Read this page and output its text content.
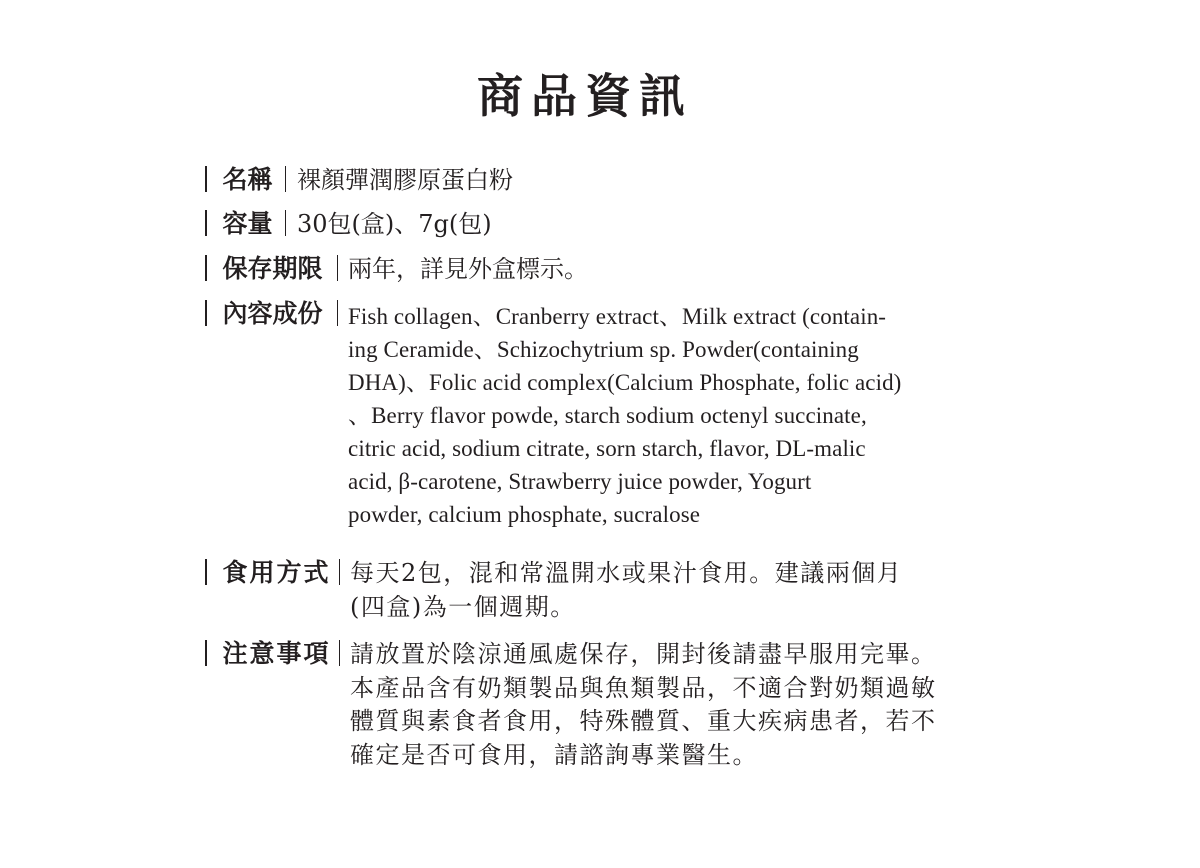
商品資訊
名稱 裸顏彈潤膠原蛋白粉
容量 30包(盒)、7g(包)
保存期限 兩年，詳見外盒標示。
內容成份 Fish collagen、Cranberry extract、Milk extract (contain-
ing Ceramide、Schizochytrium sp. Powder(containing
DHA)、Folic acid complex(Calcium Phosphate, folic acid)
、Berry flavor powde, starch sodium octenyl succinate,
citric acid, sodium citrate, sorn starch, flavor, DL-malic
acid, β-carotene, Strawberry juice powder, Yogurt
powder, calcium phosphate, sucralose
食用方式 每天2包，混和常溫開水或果汁食用。建議兩個月
(四盒)為一個週期。
注意事項 請放置於陰涼通風處保存，開封後請盡早服用完畢。
本產品含有奶類製品與魚類製品，不適合對奶類過敏
體質與素食者食用，特殊體質、重大疾病患者，若不
確定是否可食用，請諮詢專業醫生。
